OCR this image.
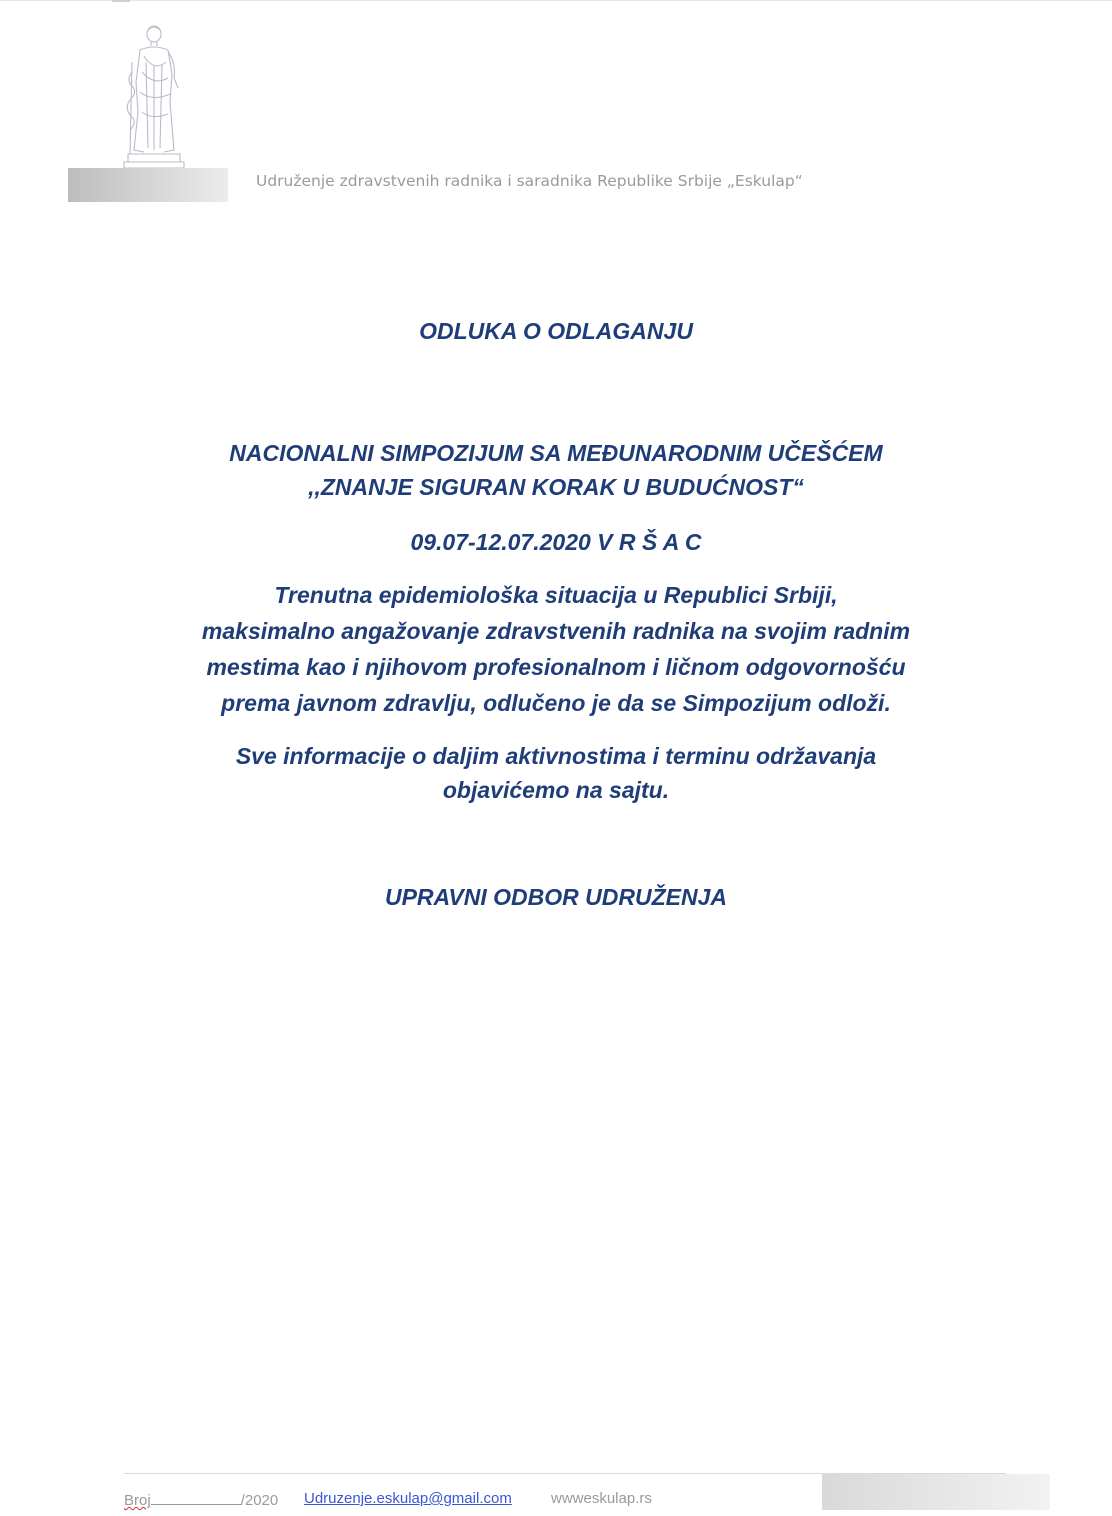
Udruženje zdravstvenih radnika i saradnika Republike Srbije „Eskulap“
ODLUKA O ODLAGANJU
NACIONALNI SIMPOZIJUM SA MEĐUNARODNIM UČEŠĆEM
,,ZNANJE SIGURAN KORAK U BUDUĆNOST“
09.07-12.07.2020 V R Š A C
Trenutna epidemiološka situacija u Republici Srbiji,
maksimalno angažovanje zdravstvenih radnika na svojim radnim
mestima kao i njihovom profesionalnom i ličnom odgovornošću
prema javnom zdravlju, odlučeno je da se Simpozijum odloži.
Sve informacije o daljim aktivnostima i terminu održavanja
objavićemo na sajtu.
UPRAVNI ODBOR UDRUŽENJA
Broj	/2020 Udruzenje.eskulap@gmail.com	wwweskulap.rs
